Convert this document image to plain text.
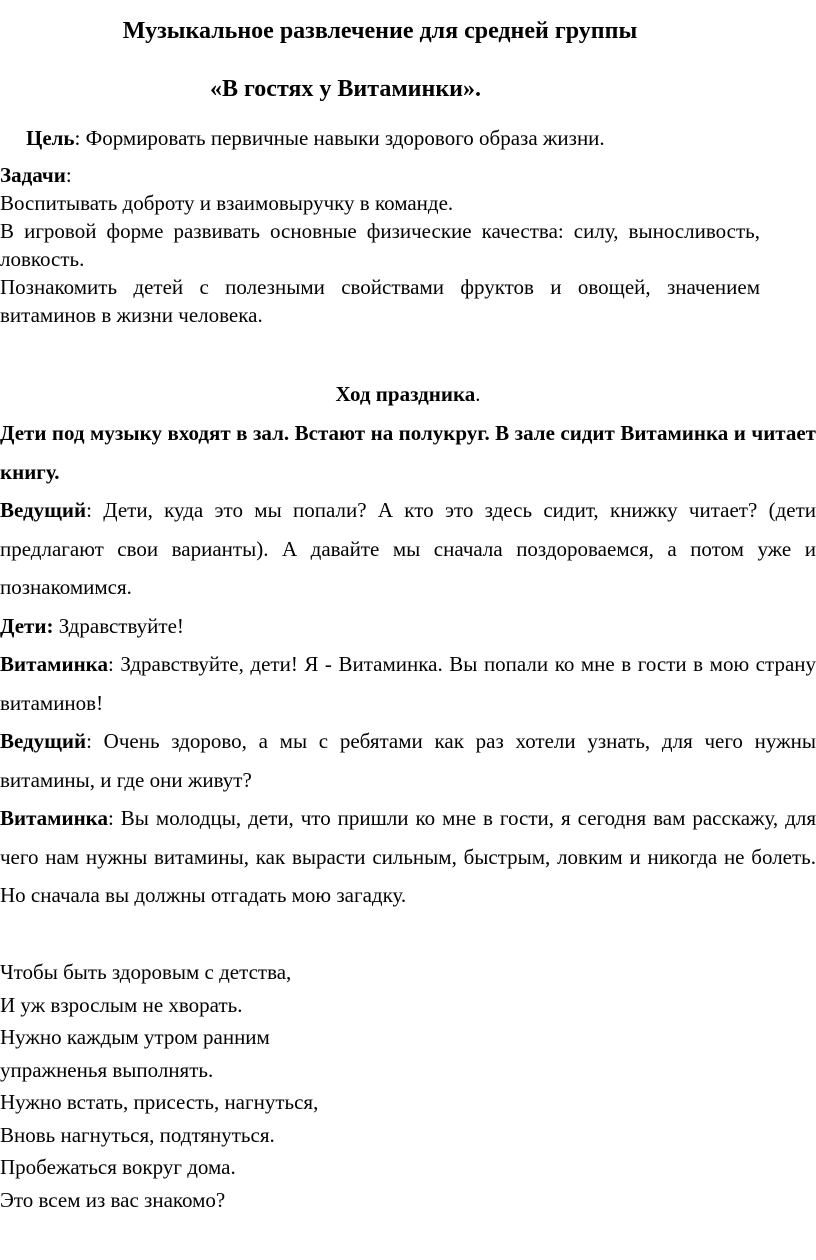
Музыкальное развлечение для средней группы
«В гостях у Витаминки».
Цель: Формировать первичные навыки здорового образа жизни.

Задачи:

Воспитывать доброту и взаимовыручку в команде.

В игровой форме развивать основные физические качества: силу, выносливость, ловкость.

Познакомить детей с полезными свойствами фруктов и овощей, значением витаминов в жизни человека.

Ход праздника.

Дети под музыку входят в зал. Встают на полукруг. В зале сидит Витаминка и читает книгу.

Ведущий: Дети, куда это мы попали? А кто это здесь сидит, книжку читает? (дети предлагают свои варианты). А давайте мы сначала поздороваемся, а потом уже и познакомимся.

Дети: Здравствуйте!

Витаминка: Здравствуйте, дети! Я - Витаминка. Вы попали ко мне в гости в мою страну витаминов!

Ведущий: Очень здорово, а мы с ребятами как раз хотели узнать, для чего нужны витамины, и где они живут?

Витаминка: Вы молодцы, дети, что пришли ко мне в гости, я сегодня вам расскажу, для чего нам нужны витамины, как вырасти сильным, быстрым, ловким и никогда не болеть. Но сначала вы должны отгадать мою загадку.

Чтобы быть здоровым с детства,
И уж взрослым не хворать.
Нужно каждым утром ранним
упражненья выполнять.
Нужно встать, присесть, нагнуться,
Вновь нагнуться, подтянуться.
Пробежаться вокруг дома.
Это всем из вас знакомо?
